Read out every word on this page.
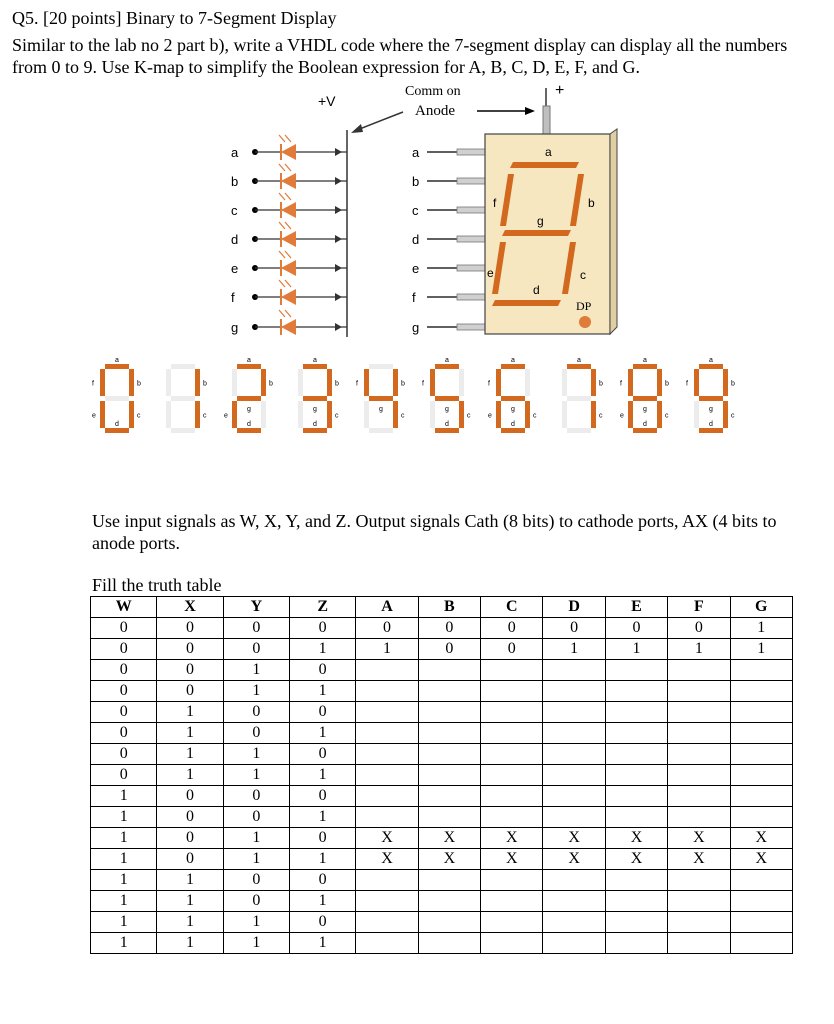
Q5. [20 points] Binary to 7-Segment Display
Similar to the lab no 2 part b), write a VHDL code where the 7-segment display can display all the numbers from 0 to 9. Use K-map to simplify the Boolean expression for A, B, C, D, E, F, and G.
+V
Comm on
Anode
+
a	a
b	b
c	c
d	d
e	e
f	f
g	g
a
f	b
g
e	c
d
DP
a
f	b
e	c
d
b
c
a
b
g
e
d
a
b
g
c
d
f	b
g
c
a
f
g
c
d
a
f
g
e	c
d
a
b
c
a
f	b
g
e	c
d
a
f	b
g
c
d
Use input signals as W, X, Y, and Z. Output signals Cath (8 bits) to cathode ports, AX (4 bits to anode ports.
Fill the truth table
W	X	Y	Z	A	B	C	D	E	F	G
0	0	0	0	0	0	0	0	0	0	1
0	0	0	1	1	0	0	1	1	1	1
0	0	1	0							
0	0	1	1							
0	1	0	0							
0	1	0	1							
0	1	1	0							
0	1	1	1							
1	0	0	0							
1	0	0	1							
1	0	1	0	X	X	X	X	X	X	X
1	0	1	1	X	X	X	X	X	X	X
1	1	0	0							
1	1	0	1							
1	1	1	0							
1	1	1	1							
